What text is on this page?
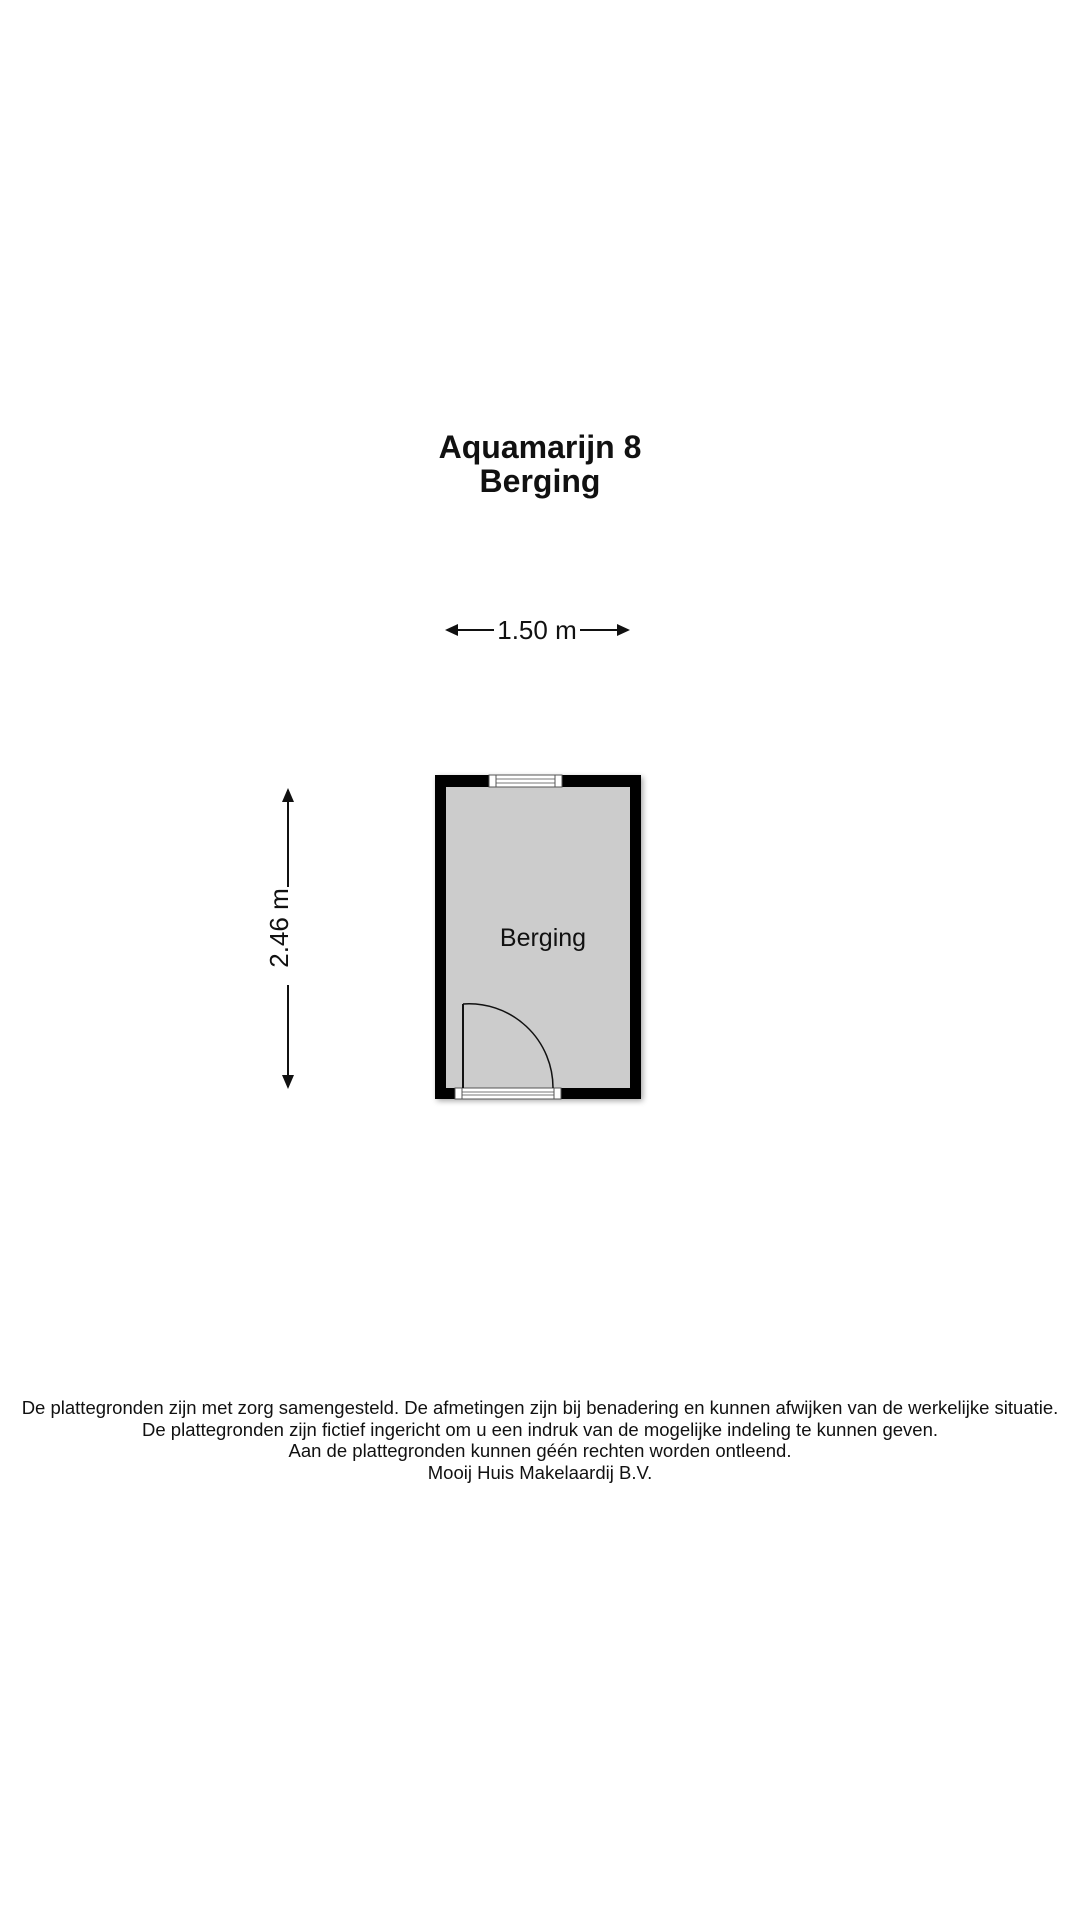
Aquamarijn 8
Berging
1.50 m
2.46 m	Berging
De plattegronden zijn met zorg samengesteld. De afmetingen zijn bij benadering en kunnen afwijken van de werkelijke situatie.
De plattegronden zijn fictief ingericht om u een indruk van de mogelijke indeling te kunnen geven.
Aan de plattegronden kunnen géén rechten worden ontleend.
Mooij Huis Makelaardij B.V.
